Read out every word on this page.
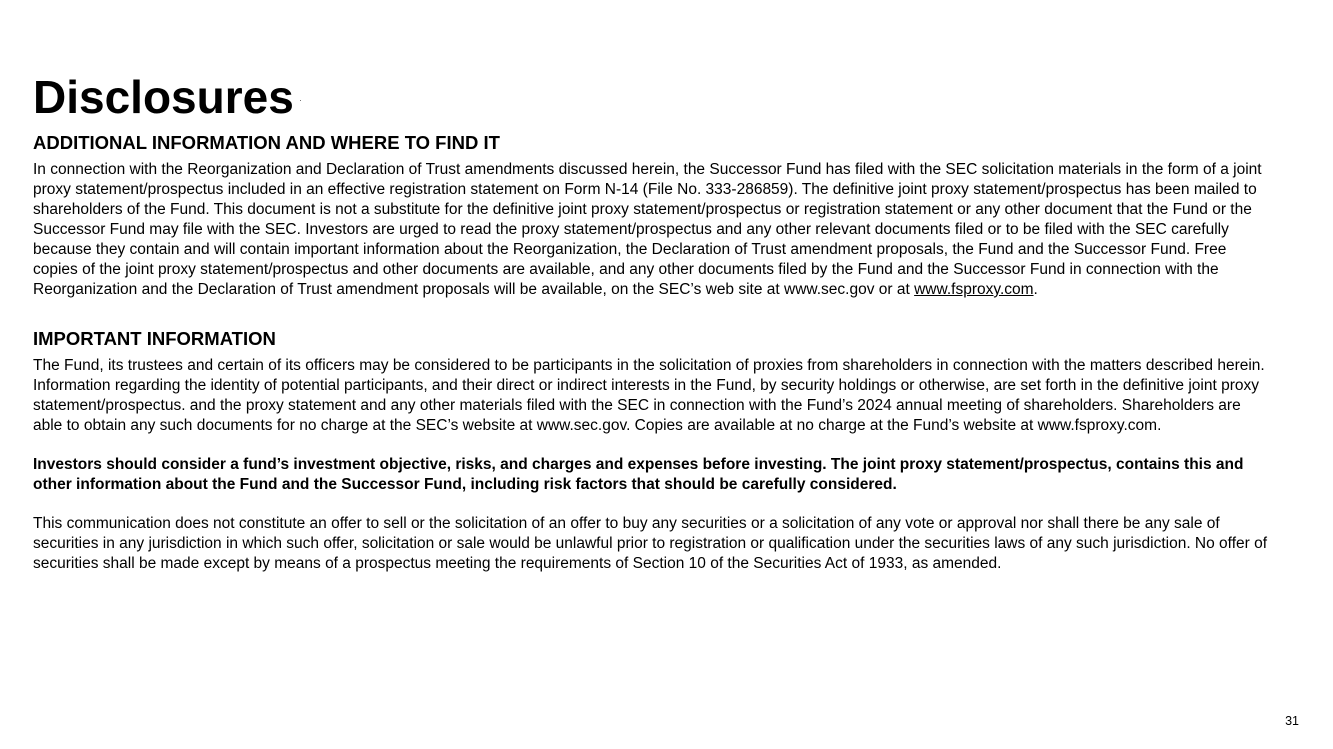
Disclosures
ADDITIONAL INFORMATION AND WHERE TO FIND IT

In connection with the Reorganization and Declaration of Trust amendments discussed herein, the Successor Fund has filed with the SEC solicitation materials in the form of a joint proxy statement/prospectus included in an effective registration statement on Form N-14 (File No. 333-286859). The definitive joint proxy statement/prospectus has been mailed to shareholders of the Fund. This document is not a substitute for the definitive joint proxy statement/prospectus or registration statement or any other document that the Fund or the Successor Fund may file with the SEC. Investors are urged to read the proxy statement/prospectus and any other relevant documents filed or to be filed with the SEC carefully because they contain and will contain important information about the Reorganization, the Declaration of Trust amendment proposals, the Fund and the Successor Fund. Free copies of the joint proxy statement/prospectus and other documents are available, and any other documents filed by the Fund and the Successor Fund in connection with the Reorganization and the Declaration of Trust amendment proposals will be available, on the SEC’s web site at www.sec.gov or at www.fsproxy.com.

IMPORTANT INFORMATION

The Fund, its trustees and certain of its officers may be considered to be participants in the solicitation of proxies from shareholders in connection with the matters described herein. Information regarding the identity of potential participants, and their direct or indirect interests in the Fund, by security holdings or otherwise, are set forth in the definitive joint proxy statement/prospectus. and the proxy statement and any other materials filed with the SEC in connection with the Fund’s 2024 annual meeting of shareholders. Shareholders are able to obtain any such documents for no charge at the SEC’s website at www.sec.gov. Copies are available at no charge at the Fund’s website at www.fsproxy.com.

Investors should consider a fund’s investment objective, risks, and charges and expenses before investing. The joint proxy statement/prospectus, contains this and other information about the Fund and the Successor Fund, including risk factors that should be carefully considered.

This communication does not constitute an offer to sell or the solicitation of an offer to buy any securities or a solicitation of any vote or approval nor shall there be any sale of securities in any jurisdiction in which such offer, solicitation or sale would be unlawful prior to registration or qualification under the securities laws of any such jurisdiction. No offer of securities shall be made except by means of a prospectus meeting the requirements of Section 10 of the Securities Act of 1933, as amended.

31
